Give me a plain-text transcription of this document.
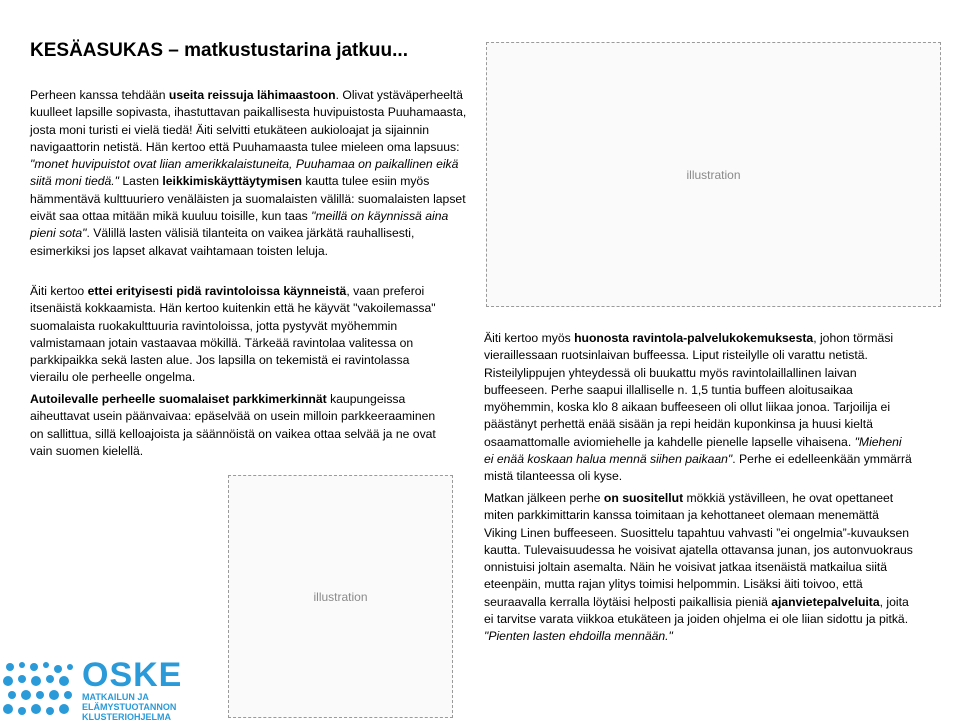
KESÄASUKAS – matkustustarina jatkuu...
Perheen kanssa tehdään useita reissuja lähimaastoon. Olivat ystäväperheeltä kuulleet lapsille sopivasta, ihastuttavan paikallisesta huvipuistosta Puuhamaasta, josta moni turisti ei vielä tiedä! Äiti selvitti etukäteen aukioloajat ja sijainnin navigaattorin netistä. Hän kertoo että Puuhamaasta tulee mieleen oma lapsuus: "monet huvipuistot ovat liian amerikkalaistuneita, Puuhamaa on paikallinen eikä siitä moni tiedä." Lasten leikkimiskäyttäytymisen kautta tulee esiin myös hämmentävä kulttuuriero venäläisten ja suomalaisten välillä: suomalaisten lapset eivät saa ottaa mitään mikä kuuluu toisille, kun taas "meillä on käynnissä aina pieni sota". Välillä lasten välisiä tilanteita on vaikea järkätä rauhallisesti, esimerkiksi jos lapset alkavat vaihtamaan toisten leluja.
Äiti kertoo ettei erityisesti pidä ravintoloissa käynneistä, vaan preferoi itsenäistä kokkaamista. Hän kertoo kuitenkin että he käyvät "vakoilemassa" suomalaista ruokakulttuuria ravintoloissa, jotta pystyvät myöhemmin valmistamaan jotain vastaavaa mökillä. Tärkeää ravintolaa valitessa on parkkipaikka sekä lasten alue. Jos lapsilla on tekemistä ei ravintolassa vierailu ole perheelle ongelma.
Autoilevalle perheelle suomalaiset parkkimerkinnät kaupungeissa aiheuttavat usein päänvaivaa: epäselvää on usein milloin parkkeeraaminen on sallittua, sillä kelloajoista ja säännöistä on vaikea ottaa selvää ja ne ovat vain suomen kielellä.
Äiti kertoo myös huonosta ravintola-palvelukokemuksesta, johon törmäsi vieraillessaan ruotsinlaivan buffeessa. Liput risteilylle oli varattu netistä. Risteilylippujen yhteydessä oli buukattu myös ravintolaillallinen laivan buffeeseen. Perhe saapui illalliselle n. 1,5 tuntia buffeen aloitusaikaa myöhemmin, koska klo 8 aikaan buffeeseen oli ollut liikaa jonoa. Tarjoilija ei päästänyt perhettä enää sisään ja repi heidän kuponkinsa ja huusi kieltä osaamattomalle aviomiehelle ja kahdelle pienelle lapselle vihaisena. "Mieheni ei enää koskaan halua mennä siihen paikaan". Perhe ei edelleenkään ymmärrä mistä tilanteessa oli kyse.
Matkan jälkeen perhe on suositellut mökkiä ystävilleen, he ovat opettaneet miten parkkimittarin kanssa toimitaan ja kehottaneet olemaan menemättä Viking Linen buffeeseen. Suosittelu tapahtuu vahvasti ”ei ongelmia”-kuvauksen kautta. Tulevaisuudessa he voisivat ajatella ottavansa junan, jos autonvuokraus onnistuisi joltain asemalta. Näin he voisivat jatkaa itsenäistä matkailua siitä eteenpäin, mutta rajan ylitys toimisi helpommin. Lisäksi äiti toivoo, että seuraavalla kerralla löytäisi helposti paikallisia pieniä ajanvietepalveluita, joita ei tarvitse varata viikkoa etukäteen ja joiden ohjelma ei ole liian sidottu ja pitkä. "Pienten lasten ehdoilla mennään."
illustration
illustration
OSKE
MATKAILUN JA
ELÄMYSTUOTANNON
KLUSTERIOHJELMA
